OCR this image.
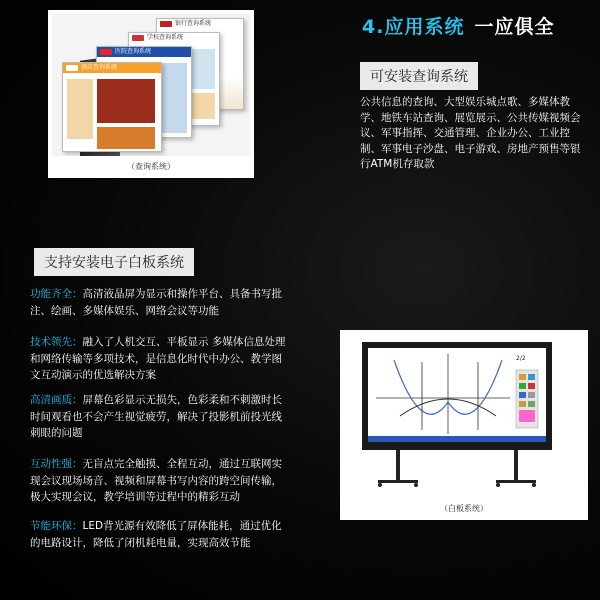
银行查询系统
学校查询系统
医院查询系统
酒店查询系统
（查询系统）
4.应用系统 一应俱全
可安装查询系统
公共信息的查询、大型娱乐城点歌、多媒体教学、地铁车站查询、展览展示、公共传媒视频会议、军事指挥、交通管理、企业办公、工业控制、军事电子沙盘、电子游戏、房地产预售等银行ATM机存取款
支持安装电子白板系统
功能齐全：高清液晶屏为显示和操作平台、具备书写批注、绘画、多媒体娱乐、网络会议等功能
技术领先：融入了人机交互、平板显示 多媒体信息处理和网络传输等多项技术，是信息化时代中办公、教学图文互动演示的优选解决方案
高清画质：屏幕色彩显示无损失，色彩柔和不刺激时长时间观看也不会产生视觉疲劳，解决了投影机前投光线刺眼的问题
互动性强：无盲点完全触摸、全程互动，通过互联网实现会议现场场音、视频和屏幕书写内容的跨空间传输，极大实现会议，教学培训等过程中的精彩互动
节能环保：LED背光源有效降低了屏体能耗，通过优化的电路设计，降低了闭机耗电量，实现高效节能
2/2
（白板系统）
